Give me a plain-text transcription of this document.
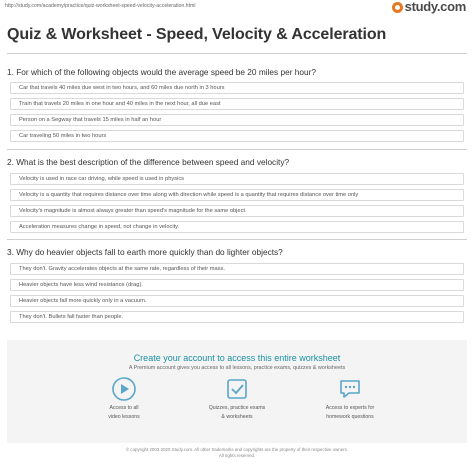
http://study.com/academy/practice/quiz-worksheet-speed-velocity-acceleration.html	study.com
Quiz & Worksheet - Speed, Velocity & Acceleration
1. For which of the following objects would the average speed be 20 miles per hour?
Car that travels 40 miles due west in two hours, and 60 miles due north in 3 hours
Train that travels 20 miles in one hour and 40 miles in the next hour, all due east
Person on a Segway that travels 15 miles in half an hour
Car traveling 50 miles in two hours
2. What is the best description of the difference between speed and velocity?
Velocity is used in race car driving, while speed is used in physics
Velocity is a quantity that requires distance over time along with direction while speed is a quantity that requires distance over time only
Velocity's magnitude is almost always greater than speed's magnitude for the same object.
Acceleration measures change in speed, not change in velocity.
3. Why do heavier objects fall to earth more quickly than do lighter objects?
They don't. Gravity accelerates objects at the same rate, regardless of their mass.
Heavier objects have less wind resistance (drag).
Heavier objects fall more quickly only in a vacuum.
They don't. Bullets fall faster than people.
Create your account to access this entire worksheet
A Premium account gives you access to all lessons, practice exams, quizzes & worksheets
Access to all
video lessons
Quizzes, practice exams
& worksheets
Access to experts for
homework questions
© copyright 2003-2020 Study.com. All other trademarks and copyrights are the property of their respective owners.
All rights reserved.
